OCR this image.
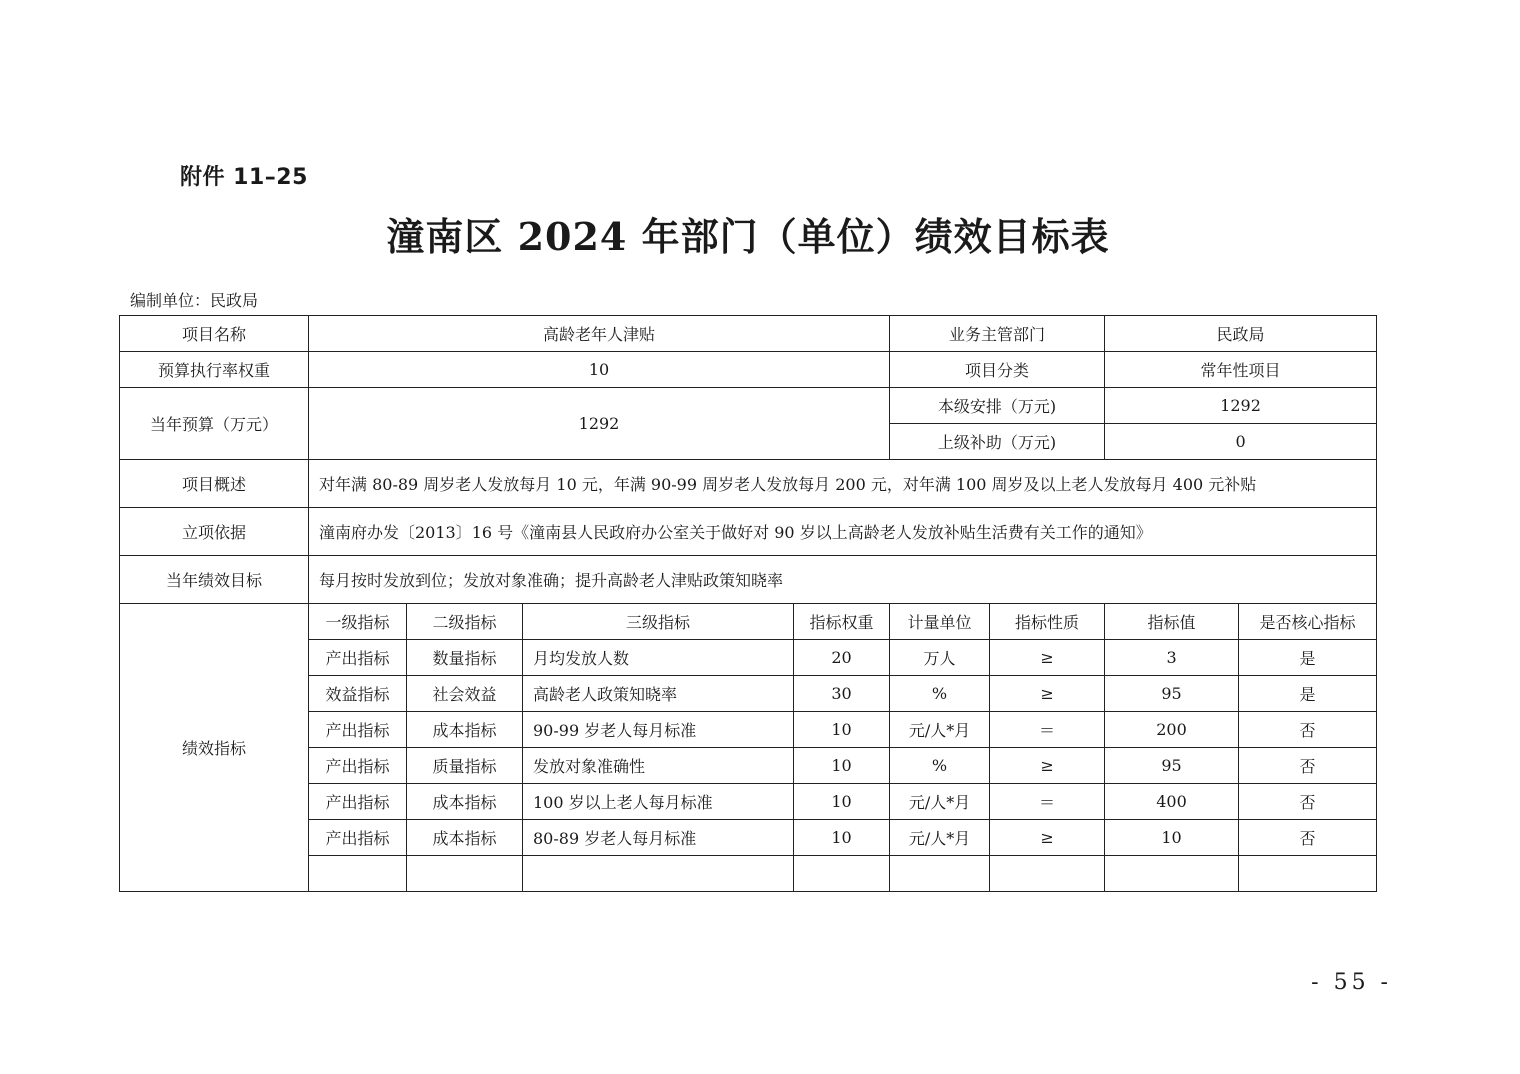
附件 11–25
潼南区 2024 年部门（单位）绩效目标表
编制单位：民政局
项目名称	高龄老年人津贴				业务主管部门		民政局	
预算执行率权重	10				项目分类		常年性项目	
当年预算（万元）	1292				本级安排（万元)		1292	
					上级补助（万元)		0	
项目概述	对年满 80-89 周岁老人发放每月 10 元，年满 90-99 周岁老人发放每月 200 元，对年满 100 周岁及以上老人发放每月 400 元补贴							
立项依据	潼南府办发〔2013〕16 号《潼南县人民政府办公室关于做好对 90 岁以上高龄老人发放补贴生活费有关工作的通知》							
当年绩效目标	每月按时发放到位；发放对象准确；提升高龄老人津贴政策知晓率							
绩效指标	一级指标	二级指标	三级指标	指标权重	计量单位	指标性质	指标值	是否核心指标
	产出指标	数量指标	月均发放人数	20	万人	≥	3	是
	效益指标	社会效益	高龄老人政策知晓率	30	%	≥	95	是
	产出指标	成本指标	90-99 岁老人每月标准	10	元/人*月	＝	200	否
	产出指标	质量指标	发放对象准确性	10	%	≥	95	否
	产出指标	成本指标	100 岁以上老人每月标准	10	元/人*月	＝	400	否
	产出指标	成本指标	80-89 岁老人每月标准	10	元/人*月	≥	10	否

- 55 -
